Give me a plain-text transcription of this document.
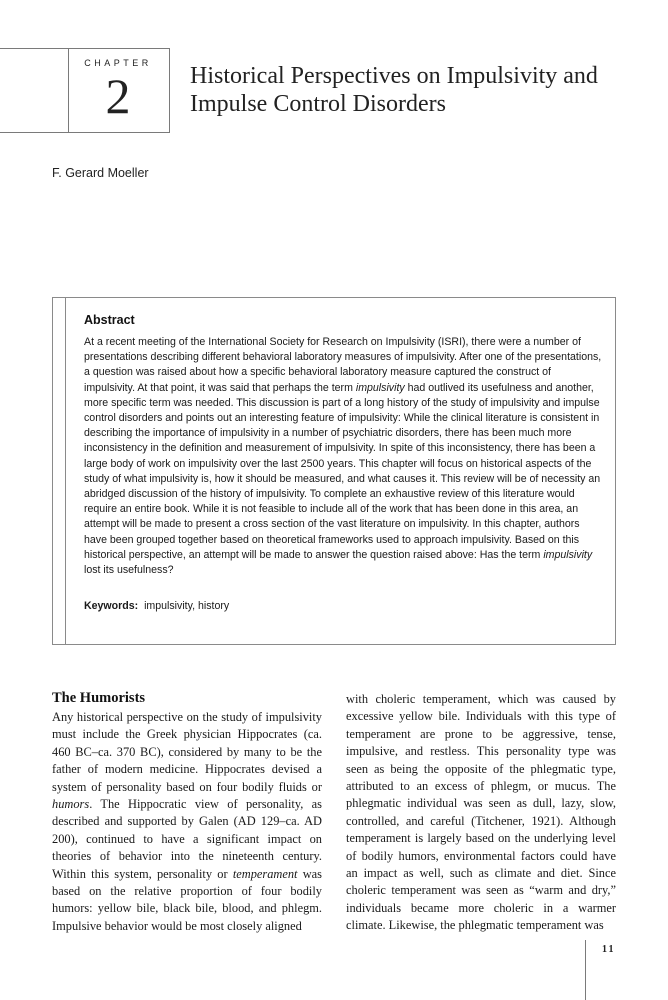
CHAPTER
2	Historical Perspectives on Impulsivity and
Impulse Control Disorders
F. Gerard Moeller
Abstract

At a recent meeting of the International Society for Research on Impulsivity (ISRI), there were a number of presentations describing different behavioral laboratory measures of impulsivity. After one of the presentations, a question was raised about how a specific behavioral laboratory measure captured the construct of impulsivity. At that point, it was said that perhaps the term impulsivity had outlived its usefulness and another, more specific term was needed. This discussion is part of a long history of the study of impulsivity and impulse control disorders and points out an interesting feature of impulsivity: While the clinical literature is consistent in describing the importance of impulsivity in a number of psychiatric disorders, there has been much more inconsistency in the definition and measurement of impulsivity. In spite of this inconsistency, there has been a large body of work on impulsivity over the last 2500 years. This chapter will focus on historical aspects of the study of what impulsivity is, how it should be measured, and what causes it. This review will be of necessity an abridged discussion of the history of impulsivity. To complete an exhaustive review of this literature would require an entire book. While it is not feasible to include all of the work that has been done in this area, an attempt will be made to present a cross section of the vast literature on impulsivity. In this chapter, authors have been grouped together based on theoretical frameworks used to approach impulsivity. Based on this historical perspective, an attempt will be made to answer the question raised above: Has the term impulsivity lost its usefulness?

Keywords: impulsivity, history
The Humorists

Any historical perspective on the study of impulsivity must include the Greek physician Hippocrates (ca. 460 BC–ca. 370 BC), considered by many to be the father of modern medicine. Hippocrates devised a system of personality based on four bodily fluids or humors. The Hippocratic view of personality, as described and supported by Galen (AD 129–ca. AD 200), continued to have a significant impact on theories of behavior into the nineteenth century. Within this system, personality or temperament was based on the relative proportion of four bodily humors: yellow bile, black bile, blood, and phlegm. Impulsive behavior would be most closely aligned

with choleric temperament, which was caused by excessive yellow bile. Individuals with this type of temperament are prone to be aggressive, tense, impulsive, and restless. This personality type was seen as being the opposite of the phlegmatic type, attributed to an excess of phlegm, or mucus. The phlegmatic individual was seen as dull, lazy, slow, controlled, and careful (Titchener, 1921). Although temperament is largely based on the underlying level of bodily humors, environmental factors could have an impact as well, such as climate and diet. Since choleric temperament was seen as “warm and dry,” individuals became more choleric in a warmer climate. Likewise, the phlegmatic temperament was

11
